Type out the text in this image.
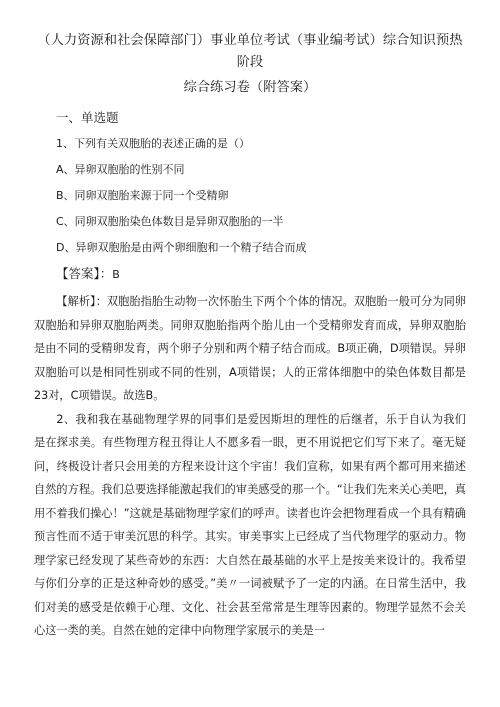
（人力资源和社会保障部门）事业单位考试（事业编考试）综合知识预热阶段
综合练习卷（附答案）
一、单选题
1、下列有关双胞胎的表述正确的是（）
A、异卵双胞胎的性别不同
B、同卵双胞胎来源于同一个受精卵
C、同卵双胞胎染色体数目是异卵双胞胎的一半
D、异卵双胞胎是由两个卵细胞和一个精子结合而成
【答案】：B

【解析】：双胞胎指胎生动物一次怀胎生下两个个体的情况。双胞胎一般可分为同卵双胞胎和异卵双胞胎两类。同卵双胞胎指两个胎儿由一个受精卵发育而成，异卵双胞胎是由不同的受精卵发育，两个卵子分别和两个精子结合而成。B项正确，D项错误。异卵双胞胎可以是相同性别或不同的性别，A项错误；人的正常体细胞中的染色体数目都是23对，C项错误。故选B。

2、我和我在基础物理学界的同事们是爱因斯坦的理性的后继者，乐于自认为我们是在探求美。有些物理方程丑得让人不愿多看一眼，更不用说把它们写下来了。毫无疑问，终极设计者只会用美的方程来设计这个宇宙！我们宣称，如果有两个都可用来描述自然的方程。我们总要选择能激起我们的审美感受的那一个。“让我们先来关心美吧，真用不着我们操心！”这就是基础物理学家们的呼声。读者也许会把物理看成一个具有精确预言性而不适于审美沉思的科学。其实。审美事实上已经成了当代物理学的驱动力。物理学家已经发现了某些奇妙的东西：大自然在最基础的水平上是按美来设计的。我希望与你们分享的正是这种奇妙的感受。”美〃一词被赋予了一定的内涵。在日常生活中，我们对美的感受是依赖于心理、文化、社会甚至常常是生理等因素的。物理学显然不会关心这一类的美。自然在她的定律中向物理学家展示的美是一
